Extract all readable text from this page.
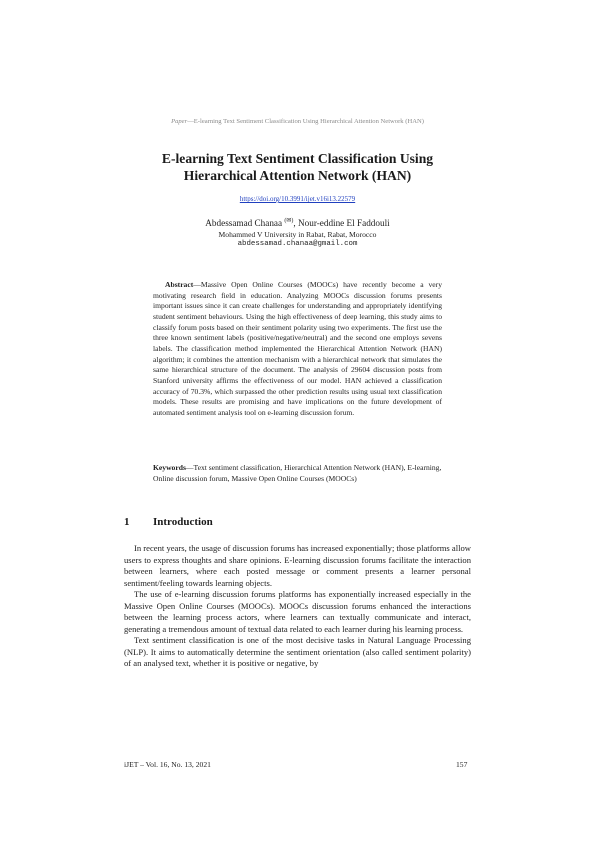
Paper—E-learning Text Sentiment Classification Using Hierarchical Attention Network (HAN)
E-learning Text Sentiment Classification Using
Hierarchical Attention Network (HAN)
https://doi.org/10.3991/ijet.v16i13.22579
Abdessamad Chanaa (✉), Nour-eddine El Faddouli
Mohammed V University in Rabat, Rabat, Morocco
abdessamad.chanaa@gmail.com
Abstract—Massive Open Online Courses (MOOCs) have recently become a very motivating research field in education. Analyzing MOOCs discussion forums presents important issues since it can create challenges for understanding and appropriately identifying student sentiment behaviours. Using the high effectiveness of deep learning, this study aims to classify forum posts based on their sentiment polarity using two experiments. The first use the three known sentiment labels (positive/negative/neutral) and the second one employs sevens labels. The classification method implemented the Hierarchical Attention Network (HAN) algorithm; it combines the attention mechanism with a hierarchical network that simulates the same hierarchical structure of the document. The analysis of 29604 discussion posts from Stanford university affirms the effectiveness of our model. HAN achieved a classification accuracy of 70.3%, which surpassed the other prediction results using usual text classification models. These results are promising and have implications on the future development of automated sentiment analysis tool on e-learning discussion forum.
Keywords—Text sentiment classification, Hierarchical Attention Network (HAN), E-learning, Online discussion forum, Massive Open Online Courses (MOOCs)
1 Introduction

In recent years, the usage of discussion forums has increased exponentially; those platforms allow users to express thoughts and share opinions. E-learning discussion forums facilitate the interaction between learners, where each posted message or comment presents a learner personal sentiment/feeling towards learning objects.

The use of e-learning discussion forums platforms has exponentially increased especially in the Massive Open Online Courses (MOOCs). MOOCs discussion forums enhanced the interactions between the learning process actors, where learners can textually communicate and interact, generating a tremendous amount of textual data related to each learner during his learning process.

Text sentiment classification is one of the most decisive tasks in Natural Language Processing (NLP). It aims to automatically determine the sentiment orientation (also called sentiment polarity) of an analysed text, whether it is positive or negative, by

iJET ‒ Vol. 16, No. 13, 2021	157
